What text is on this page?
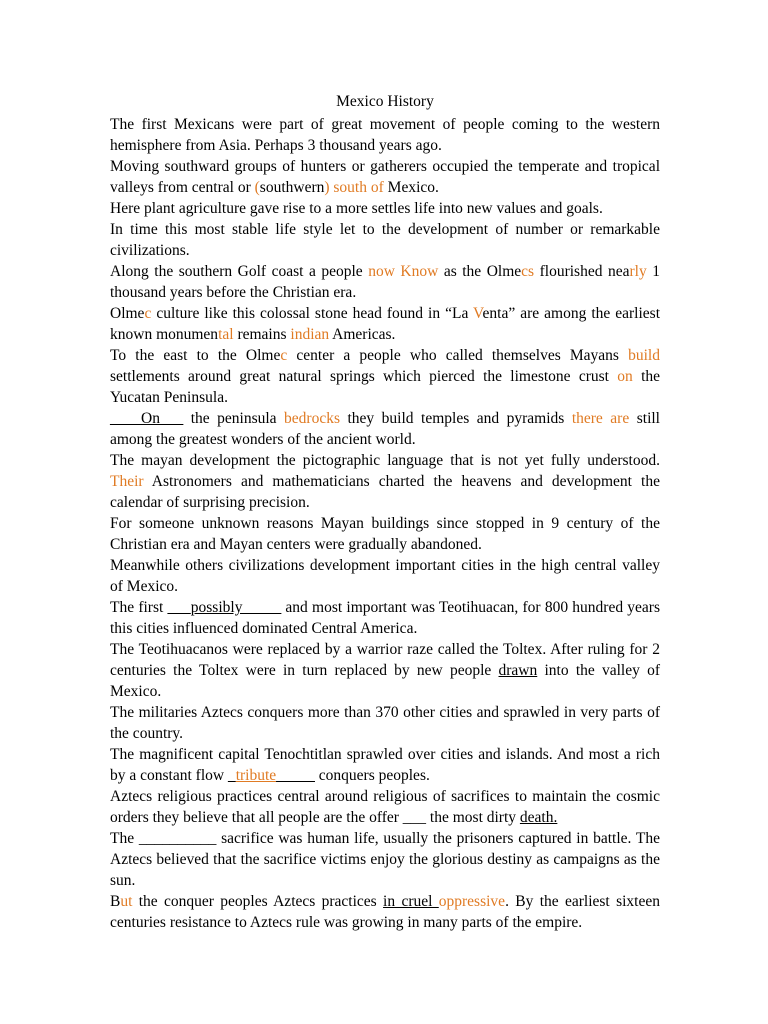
Mexico History

The first Mexicans were part of great movement of people coming to the western hemisphere from Asia. Perhaps 3 thousand years ago.

Moving southward groups of hunters or gatherers occupied the temperate and tropical valleys from central or (southwern) south of Mexico.

Here plant agriculture gave rise to a more settles life into new values and goals.

In time this most stable life style let to the development of number or remarkable civilizations.

Along the southern Golf coast a people now Know as the Olmecs flourished nearly 1 thousand years before the Christian era.

Olmec culture like this colossal stone head found in “La Venta” are among the earliest known monumental remains indian Americas.

To the east to the Olmec center a people who called themselves Mayans build settlements around great natural springs which pierced the limestone crust on the Yucatan Peninsula.

____On___ the peninsula bedrocks they build temples and pyramids there are still among the greatest wonders of the ancient world.

The mayan development the pictographic language that is not yet fully understood. Their Astronomers and mathematicians charted the heavens and development the calendar of surprising precision.

For someone unknown reasons Mayan buildings since stopped in 9 century of the Christian era and Mayan centers were gradually abandoned.

Meanwhile others civilizations development important cities in the high central valley of Mexico.

The first ___possibly_____ and most important was Teotihuacan, for 800 hundred years this cities influenced dominated Central America.

The Teotihuacanos were replaced by a warrior raze called the Toltex. After ruling for 2 centuries the Toltex were in turn replaced by new people drawn into the valley of Mexico.

The militaries Aztecs conquers more than 370 other cities and sprawled in very parts of the country.

The magnificent capital Tenochtitlan sprawled over cities and islands. And most a rich by a constant flow _tribute_____ conquers peoples.

Aztecs religious practices central around religious of sacrifices to maintain the cosmic orders they believe that all people are the offer ___ the most dirty death.

The __________ sacrifice was human life, usually the prisoners captured in battle. The Aztecs believed that the sacrifice victims enjoy the glorious destiny as campaigns as the sun.

But the conquer peoples Aztecs practices in cruel oppressive. By the earliest sixteen centuries resistance to Aztecs rule was growing in many parts of the empire.
